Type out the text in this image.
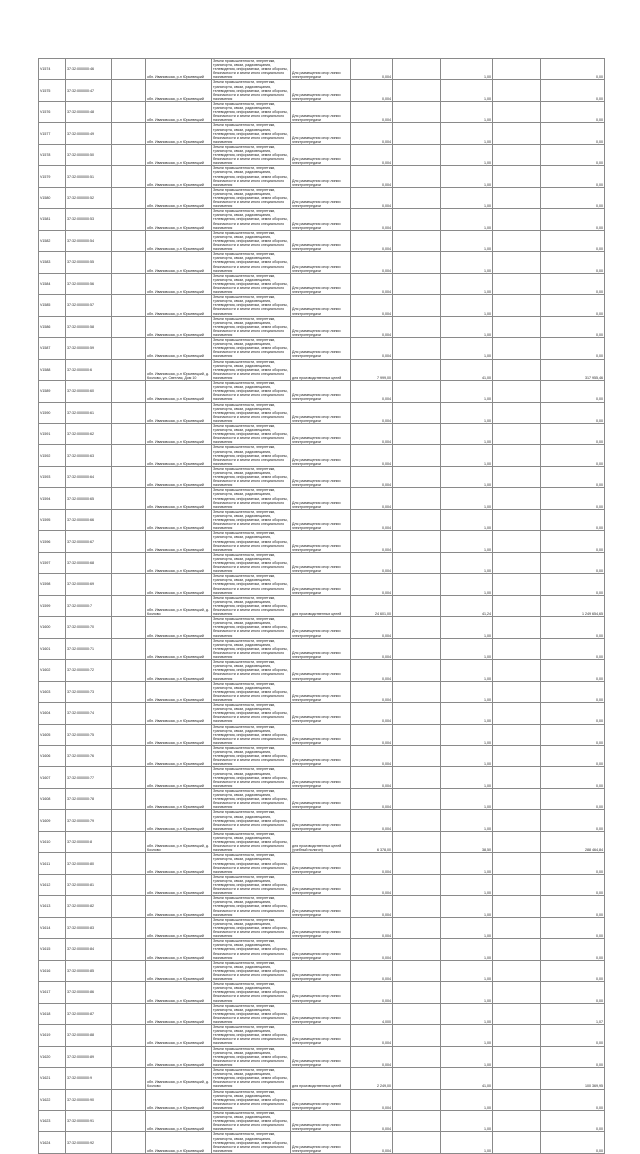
V1574	37:32:000000:46		обл. Ивановская, р-н Юрьевецкий	Земли промышленности, энергетики, транспорта, связи, радиовещания, телевидения, информатики, земли обороны, безопасности и земли иного специального назначения	Для размещения опор линии электропередачи	0,004		1,00		0,00
V1575	37:32:000000:47		обл. Ивановская, р-н Юрьевецкий	Земли промышленности, энергетики, транспорта, связи, радиовещания, телевидения, информатики, земли обороны, безопасности и земли иного специального назначения	Для размещения опор линии электропередачи	0,004		1,00		0,00
V1576	37:32:000000:48		обл. Ивановская, р-н Юрьевецкий	Земли промышленности, энергетики, транспорта, связи, радиовещания, телевидения, информатики, земли обороны, безопасности и земли иного специального назначения	Для размещения опор линии электропередачи	0,004		1,00		0,00
V1577	37:32:000000:49		обл. Ивановская, р-н Юрьевецкий	Земли промышленности, энергетики, транспорта, связи, радиовещания, телевидения, информатики, земли обороны, безопасности и земли иного специального назначения	Для размещения опор линии электропередачи	0,004		1,00		0,00
V1578	37:32:000000:50		обл. Ивановская, р-н Юрьевецкий	Земли промышленности, энергетики, транспорта, связи, радиовещания, телевидения, информатики, земли обороны, безопасности и земли иного специального назначения	Для размещения опор линии электропередачи	0,004		1,00		0,00
V1579	37:32:000000:51		обл. Ивановская, р-н Юрьевецкий	Земли промышленности, энергетики, транспорта, связи, радиовещания, телевидения, информатики, земли обороны, безопасности и земли иного специального назначения	Для размещения опор линии электропередачи	0,004		1,00		0,00
V1580	37:32:000000:52		обл. Ивановская, р-н Юрьевецкий	Земли промышленности, энергетики, транспорта, связи, радиовещания, телевидения, информатики, земли обороны, безопасности и земли иного специального назначения	Для размещения опор линии электропередачи	0,004		1,00		0,00
V1581	37:32:000000:53		обл. Ивановская, р-н Юрьевецкий	Земли промышленности, энергетики, транспорта, связи, радиовещания, телевидения, информатики, земли обороны, безопасности и земли иного специального назначения	Для размещения опор линии электропередачи	0,004		1,00		0,00
V1582	37:32:000000:54		обл. Ивановская, р-н Юрьевецкий	Земли промышленности, энергетики, транспорта, связи, радиовещания, телевидения, информатики, земли обороны, безопасности и земли иного специального назначения	Для размещения опор линии электропередачи	0,004		1,00		0,00
V1583	37:32:000000:55		обл. Ивановская, р-н Юрьевецкий	Земли промышленности, энергетики, транспорта, связи, радиовещания, телевидения, информатики, земли обороны, безопасности и земли иного специального назначения	Для размещения опор линии электропередачи	0,004		1,00		0,00
V1584	37:32:000000:56		обл. Ивановская, р-н Юрьевецкий	Земли промышленности, энергетики, транспорта, связи, радиовещания, телевидения, информатики, земли обороны, безопасности и земли иного специального назначения	Для размещения опор линии электропередачи	0,004		1,00		0,00
V1585	37:32:000000:57		обл. Ивановская, р-н Юрьевецкий	Земли промышленности, энергетики, транспорта, связи, радиовещания, телевидения, информатики, земли обороны, безопасности и земли иного специального назначения	Для размещения опор линии электропередачи	0,004		1,00		0,00
V1586	37:32:000000:58		обл. Ивановская, р-н Юрьевецкий	Земли промышленности, энергетики, транспорта, связи, радиовещания, телевидения, информатики, земли обороны, безопасности и земли иного специального назначения	Для размещения опор линии электропередачи	0,004		1,00		0,00
V1587	37:32:000000:59		обл. Ивановская, р-н Юрьевецкий	Земли промышленности, энергетики, транспорта, связи, радиовещания, телевидения, информатики, земли обороны, безопасности и земли иного специального назначения	Для размещения опор линии электропередачи	0,004		1,00		0,00
V1588	37:32:000000:6		обл. Ивановская, р-н Юрьевецкий, д. Козлово, ул. Светлая, Дом 10	Земли промышленности, энергетики, транспорта, связи, радиовещания, телевидения, информатики, земли обороны, безопасности и земли иного специального назначения	для производственных целей	7 999,00		41,00		317 955,46
V1589	37:32:000000:60		обл. Ивановская, р-н Юрьевецкий	Земли промышленности, энергетики, транспорта, связи, радиовещания, телевидения, информатики, земли обороны, безопасности и земли иного специального назначения	Для размещения опор линии электропередачи	0,004		1,00		0,00
V1590	37:32:000000:61		обл. Ивановская, р-н Юрьевецкий	Земли промышленности, энергетики, транспорта, связи, радиовещания, телевидения, информатики, земли обороны, безопасности и земли иного специального назначения	Для размещения опор линии электропередачи	0,004		1,00		0,00
V1591	37:32:000000:62		обл. Ивановская, р-н Юрьевецкий	Земли промышленности, энергетики, транспорта, связи, радиовещания, телевидения, информатики, земли обороны, безопасности и земли иного специального назначения	Для размещения опор линии электропередачи	0,004		1,00		0,00
V1592	37:32:000000:63		обл. Ивановская, р-н Юрьевецкий	Земли промышленности, энергетики, транспорта, связи, радиовещания, телевидения, информатики, земли обороны, безопасности и земли иного специального назначения	Для размещения опор линии электропередачи	0,004		1,00		0,00
V1593	37:32:000000:64		обл. Ивановская, р-н Юрьевецкий	Земли промышленности, энергетики, транспорта, связи, радиовещания, телевидения, информатики, земли обороны, безопасности и земли иного специального назначения	Для размещения опор линии электропередачи	0,004		1,00		0,00
V1594	37:32:000000:65		обл. Ивановская, р-н Юрьевецкий	Земли промышленности, энергетики, транспорта, связи, радиовещания, телевидения, информатики, земли обороны, безопасности и земли иного специального назначения	Для размещения опор линии электропередачи	0,004		1,00		0,00
V1595	37:32:000000:66		обл. Ивановская, р-н Юрьевецкий	Земли промышленности, энергетики, транспорта, связи, радиовещания, телевидения, информатики, земли обороны, безопасности и земли иного специального назначения	Для размещения опор линии электропередачи	0,004		1,00		0,00
V1596	37:32:000000:67		обл. Ивановская, р-н Юрьевецкий	Земли промышленности, энергетики, транспорта, связи, радиовещания, телевидения, информатики, земли обороны, безопасности и земли иного специального назначения	Для размещения опор линии электропередачи	0,004		1,00		0,00
V1597	37:32:000000:68		обл. Ивановская, р-н Юрьевецкий	Земли промышленности, энергетики, транспорта, связи, радиовещания, телевидения, информатики, земли обороны, безопасности и земли иного специального назначения	Для размещения опор линии электропередачи	0,004		1,00		0,00
V1598	37:32:000000:69		обл. Ивановская, р-н Юрьевецкий	Земли промышленности, энергетики, транспорта, связи, радиовещания, телевидения, информатики, земли обороны, безопасности и земли иного специального назначения	Для размещения опор линии электропередачи	0,004		1,00		0,00
V1599	37:32:000000:7		обл. Ивановская, р-н Юрьевецкий, д. Козлово	Земли промышленности, энергетики, транспорта, связи, радиовещания, телевидения, информатики, земли обороны, безопасности и земли иного специального назначения	для производственных целей	24 601,00		41,24		1 249 654,65
V1600	37:32:000000:70		обл. Ивановская, р-н Юрьевецкий	Земли промышленности, энергетики, транспорта, связи, радиовещания, телевидения, информатики, земли обороны, безопасности и земли иного специального назначения	Для размещения опор линии электропередачи	0,004		1,00		0,00
V1601	37:32:000000:71		обл. Ивановская, р-н Юрьевецкий	Земли промышленности, энергетики, транспорта, связи, радиовещания, телевидения, информатики, земли обороны, безопасности и земли иного специального назначения	Для размещения опор линии электропередачи	0,004		1,00		0,00
V1602	37:32:000000:72		обл. Ивановская, р-н Юрьевецкий	Земли промышленности, энергетики, транспорта, связи, радиовещания, телевидения, информатики, земли обороны, безопасности и земли иного специального назначения	Для размещения опор линии электропередачи	0,004		1,00		0,00
V1603	37:32:000000:73		обл. Ивановская, р-н Юрьевецкий	Земли промышленности, энергетики, транспорта, связи, радиовещания, телевидения, информатики, земли обороны, безопасности и земли иного специального назначения	Для размещения опор линии электропередачи	0,004		1,00		0,00
V1604	37:32:000000:74		обл. Ивановская, р-н Юрьевецкий	Земли промышленности, энергетики, транспорта, связи, радиовещания, телевидения, информатики, земли обороны, безопасности и земли иного специального назначения	Для размещения опор линии электропередачи	0,004		1,00		0,00
V1605	37:32:000000:75		обл. Ивановская, р-н Юрьевецкий	Земли промышленности, энергетики, транспорта, связи, радиовещания, телевидения, информатики, земли обороны, безопасности и земли иного специального назначения	Для размещения опор линии электропередачи	0,004		1,00		0,00
V1606	37:32:000000:76		обл. Ивановская, р-н Юрьевецкий	Земли промышленности, энергетики, транспорта, связи, радиовещания, телевидения, информатики, земли обороны, безопасности и земли иного специального назначения	Для размещения опор линии электропередачи	0,004		1,00		0,00
V1607	37:32:000000:77		обл. Ивановская, р-н Юрьевецкий	Земли промышленности, энергетики, транспорта, связи, радиовещания, телевидения, информатики, земли обороны, безопасности и земли иного специального назначения	Для размещения опор линии электропередачи	0,004		1,00		0,00
V1608	37:32:000000:78		обл. Ивановская, р-н Юрьевецкий	Земли промышленности, энергетики, транспорта, связи, радиовещания, телевидения, информатики, земли обороны, безопасности и земли иного специального назначения	Для размещения опор линии электропередачи	0,004		1,00		0,00
V1609	37:32:000000:79		обл. Ивановская, р-н Юрьевецкий	Земли промышленности, энергетики, транспорта, связи, радиовещания, телевидения, информатики, земли обороны, безопасности и земли иного специального назначения	Для размещения опор линии электропередачи	0,004		1,00		0,00
V1610	37:32:000000:8		обл. Ивановская, р-н Юрьевецкий, д. Козлово	Земли промышленности, энергетики, транспорта, связи, радиовещания, телевидения, информатики, земли обороны, безопасности и земли иного специального назначения	для производственных целей (учебный полигон)	6 378,00		38,50		288 464,84
V1611	37:32:000000:80		обл. Ивановская, р-н Юрьевецкий	Земли промышленности, энергетики, транспорта, связи, радиовещания, телевидения, информатики, земли обороны, безопасности и земли иного специального назначения	Для размещения опор линии электропередачи	0,004		1,00		0,00
V1612	37:32:000000:81		обл. Ивановская, р-н Юрьевецкий	Земли промышленности, энергетики, транспорта, связи, радиовещания, телевидения, информатики, земли обороны, безопасности и земли иного специального назначения	Для размещения опор линии электропередачи	0,004		1,00		0,00
V1613	37:32:000000:82		обл. Ивановская, р-н Юрьевецкий	Земли промышленности, энергетики, транспорта, связи, радиовещания, телевидения, информатики, земли обороны, безопасности и земли иного специального назначения	Для размещения опор линии электропередачи	0,004		1,00		0,00
V1614	37:32:000000:83		обл. Ивановская, р-н Юрьевецкий	Земли промышленности, энергетики, транспорта, связи, радиовещания, телевидения, информатики, земли обороны, безопасности и земли иного специального назначения	Для размещения опор линии электропередачи	0,004		1,00		0,00
V1615	37:32:000000:84		обл. Ивановская, р-н Юрьевецкий	Земли промышленности, энергетики, транспорта, связи, радиовещания, телевидения, информатики, земли обороны, безопасности и земли иного специального назначения	Для размещения опор линии электропередачи	0,004		1,00		0,00
V1616	37:32:000000:85		обл. Ивановская, р-н Юрьевецкий	Земли промышленности, энергетики, транспорта, связи, радиовещания, телевидения, информатики, земли обороны, безопасности и земли иного специального назначения	Для размещения опор линии электропередачи	0,004		1,00		0,00
V1617	37:32:000000:86		обл. Ивановская, р-н Юрьевецкий	Земли промышленности, энергетики, транспорта, связи, радиовещания, телевидения, информатики, земли обороны, безопасности и земли иного специального назначения	Для размещения опор линии электропередачи	0,004		1,00		0,00
V1618	37:32:000000:87		обл. Ивановская, р-н Юрьевецкий	Земли промышленности, энергетики, транспорта, связи, радиовещания, телевидения, информатики, земли обороны, безопасности и земли иного специального назначения	Для размещения опор линии электропередачи	4,000		1,00		1,07
V1619	37:32:000000:88		обл. Ивановская, р-н Юрьевецкий	Земли промышленности, энергетики, транспорта, связи, радиовещания, телевидения, информатики, земли обороны, безопасности и земли иного специального назначения	Для размещения опор линии электропередачи	0,004		1,00		0,00
V1620	37:32:000000:89		обл. Ивановская, р-н Юрьевецкий	Земли промышленности, энергетики, транспорта, связи, радиовещания, телевидения, информатики, земли обороны, безопасности и земли иного специального назначения	Для размещения опор линии электропередачи	0,004		1,00		0,00
V1621	37:32:000000:9		обл. Ивановская, р-н Юрьевецкий, д. Козлово	Земли промышленности, энергетики, транспорта, связи, радиовещания, телевидения, информатики, земли обороны, безопасности и земли иного специального назначения	для производственных целей	2 249,00		41,00		100 369,95
V1622	37:32:000000:90		обл. Ивановская, р-н Юрьевецкий	Земли промышленности, энергетики, транспорта, связи, радиовещания, телевидения, информатики, земли обороны, безопасности и земли иного специального назначения	Для размещения опор линии электропередачи	0,004		1,00		0,00
V1623	37:32:000000:91		обл. Ивановская, р-н Юрьевецкий	Земли промышленности, энергетики, транспорта, связи, радиовещания, телевидения, информатики, земли обороны, безопасности и земли иного специального назначения	Для размещения опор линии электропередачи	0,004		1,00		0,00
V1624	37:32:000000:92		обл. Ивановская, р-н Юрьевецкий	Земли промышленности, энергетики, транспорта, связи, радиовещания, телевидения, информатики, земли обороны, безопасности и земли иного специального назначения	Для размещения опор линии электропередачи	0,004		1,00		0,00
